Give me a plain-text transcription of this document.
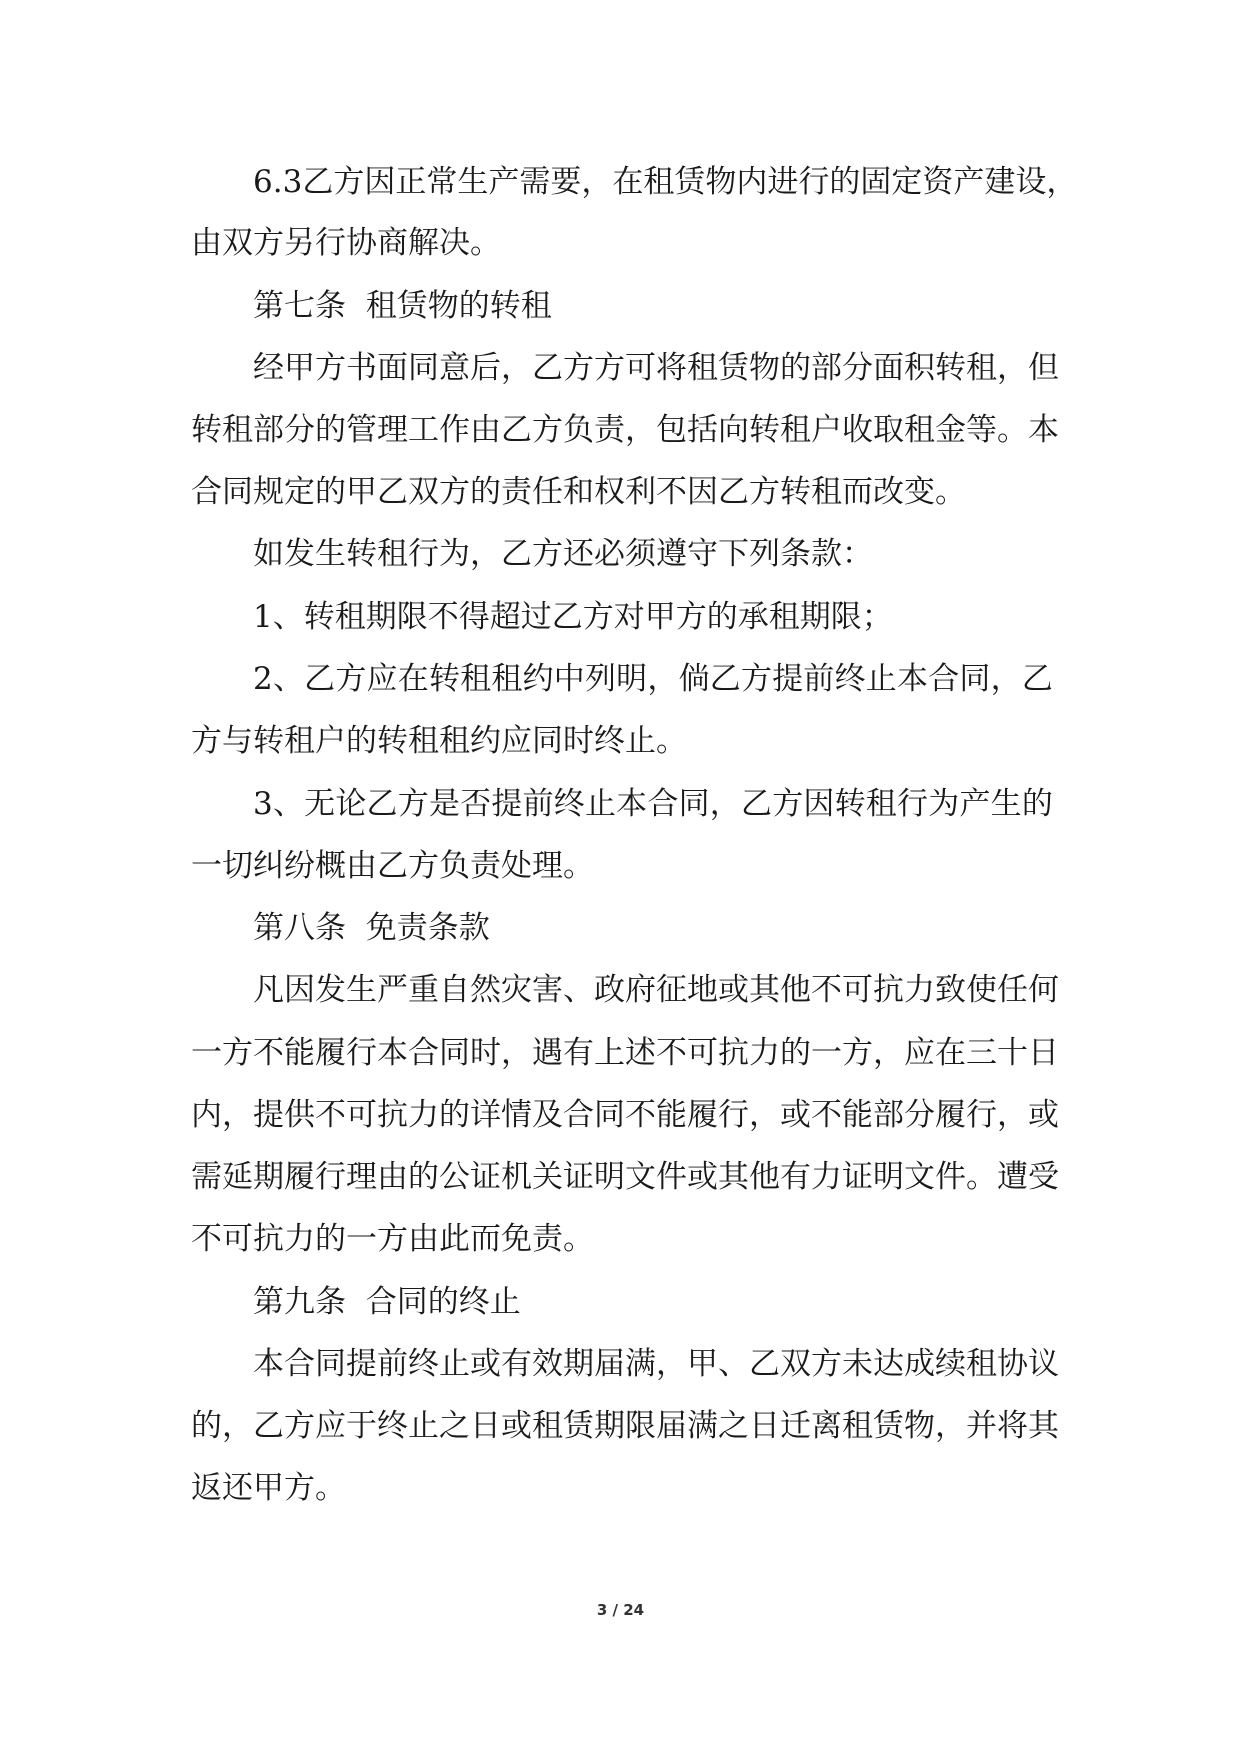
6 . 3 乙 方 因 正 常 生 产 需 要 ， 在 租 赁 物 内 进 行 的 固 定 资 产 建 设 ，
由双方另行协商解决。
第七条  租赁物的转租
经 甲 方 书 面 同 意 后 ， 乙 方 方 可 将 租 赁 物 的 部 分 面 积 转 租 ， 但
转 租 部 分 的 管 理 工 作 由 乙 方 负 责 ， 包 括 向 转 租 户 收 取 租 金 等 。 本
合同规定的甲乙双方的责任和权利不因乙方转租而改变。
如发生转租行为，乙方还必须遵守下列条款：
1、转租期限不得超过乙方对甲方的承租期限；
2 、 乙 方 应 在 转 租 租 约 中 列 明 ， 倘 乙 方 提 前 终 止 本 合 同 ， 乙
方与转租户的转租租约应同时终止。
3 、 无 论 乙 方 是 否 提 前 终 止 本 合 同 ， 乙 方 因 转 租 行 为 产 生 的
一切纠纷概由乙方负责处理。
第八条  免责条款
凡 因 发 生 严 重 自 然 灾 害 、 政 府 征 地 或 其 他 不 可 抗 力 致 使 任 何
一 方 不 能 履 行 本 合 同 时 ， 遇 有 上 述 不 可 抗 力 的 一 方 ， 应 在 三 十 日
内 ， 提 供 不 可 抗 力 的 详 情 及 合 同 不 能 履 行 ， 或 不 能 部 分 履 行 ， 或
需 延 期 履 行 理 由 的 公 证 机 关 证 明 文 件 或 其 他 有 力 证 明 文 件 。 遭 受
不可抗力的一方由此而免责。
第九条  合同的终止
本 合 同 提 前 终 止 或 有 效 期 届 满 ， 甲 、 乙 双 方 未 达 成 续 租 协 议
的 ， 乙 方 应 于 终 止 之 日 或 租 赁 期 限 届 满 之 日 迁 离 租 赁 物 ， 并 将 其
返还甲方。
3 / 24
